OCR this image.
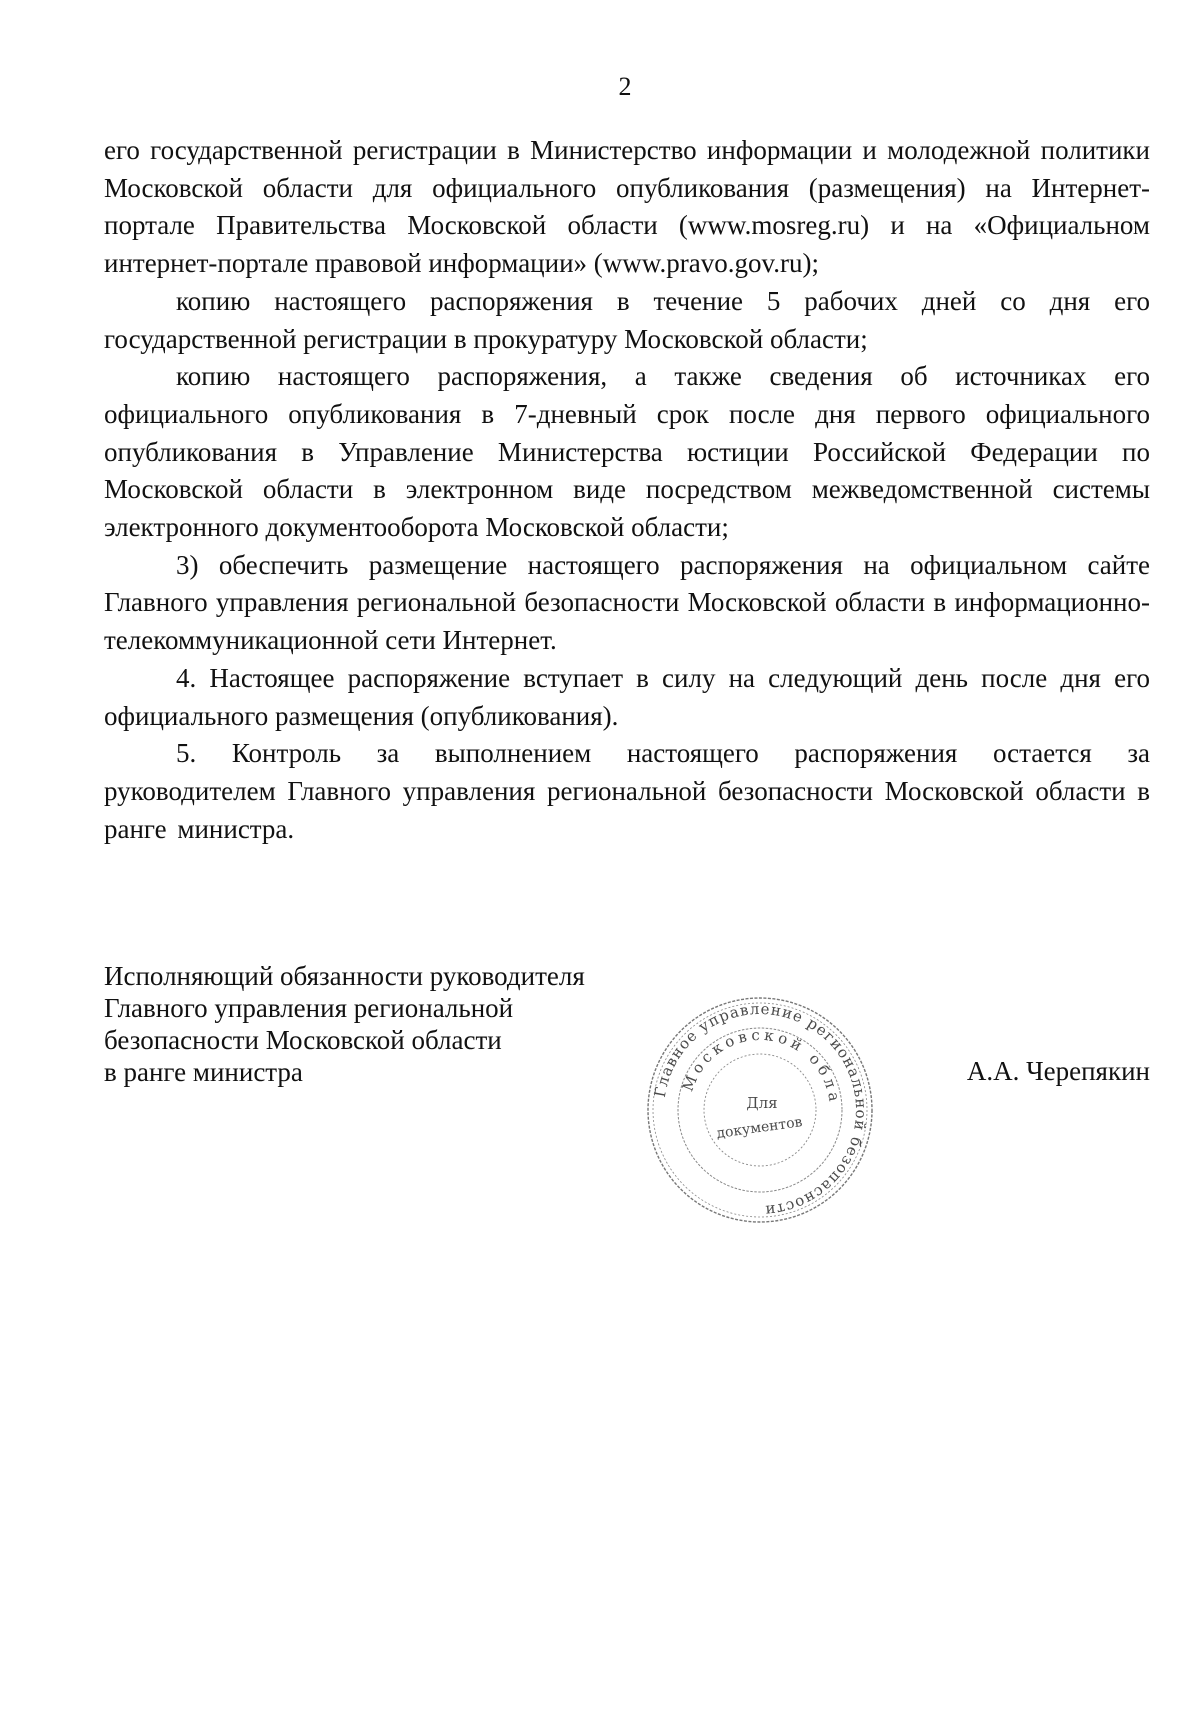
2

его государственной регистрации в Министерство информации и молодежной политики Московской области для официального опубликования (размещения) на Интернет-портале Правительства Московской области (www.mosreg.ru) и на «Официальном интернет-портале правовой информации» (www.pravo.gov.ru);

копию настоящего распоряжения в течение 5 рабочих дней со дня его государственной регистрации в прокуратуру Московской области;

копию настоящего распоряжения, а также сведения об источниках его официального опубликования в 7-дневный срок после дня первого официального опубликования в Управление Министерства юстиции Российской Федерации по Московской области в электронном виде посредством межведомственной системы электронного документооборота Московской области;

3) обеспечить размещение настоящего распоряжения на официальном сайте Главного управления региональной безопасности Московской области в информационно-телекоммуникационной сети Интернет.

4. Настоящее распоряжение вступает в силу на следующий день после дня его официального размещения (опубликования).

5. Контроль за выполнением настоящего распоряжения остается за руководителем Главного управления региональной безопасности Московской области в ранге министра.

Исполняющий обязанности руководителя
Главного управления региональной
безопасности Московской области
в ранге министра
Главное управление региональной безопасности
Московской обла
Для
документов
А.А. Черепякин
